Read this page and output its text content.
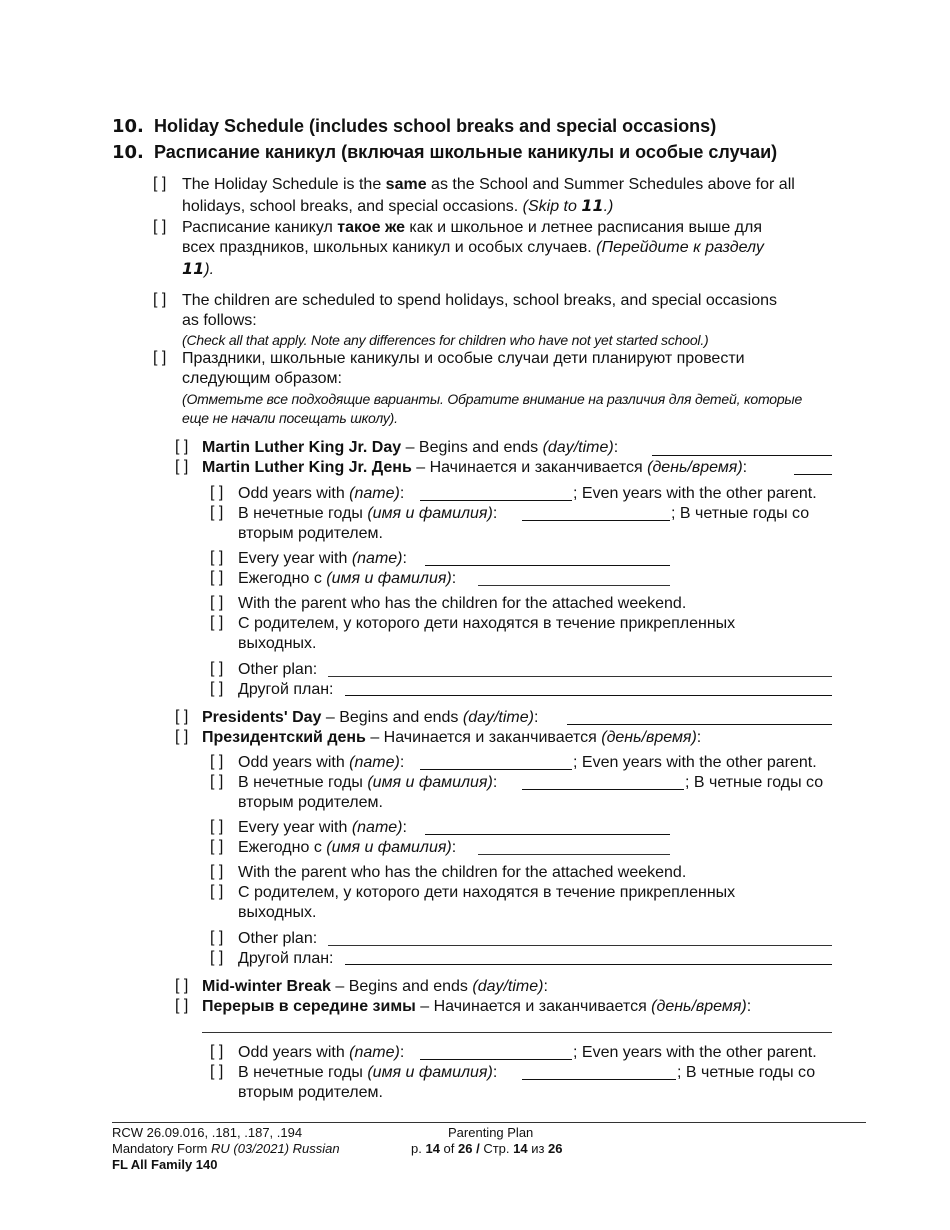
10. Holiday Schedule (includes school breaks and special occasions)
10. Расписание каникул (включая школьные каникулы и особые случаи)
[ ] The Holiday Schedule is the same as the School and Summer Schedules above for all
holidays, school breaks, and special occasions. (Skip to 11.)
[ ] Расписание каникул такое же как и школьное и летнее расписания выше для
всех праздников, школьных каникул и особых случаев. (Перейдите к разделу
11).
[ ] The children are scheduled to spend holidays, school breaks, and special occasions
as follows:
(Check all that apply. Note any differences for children who have not yet started school.)
[ ] Праздники, школьные каникулы и особые случаи дети планируют провести
следующим образом:
(Отметьте все подходящие варианты. Обратите внимание на различия для детей, которые
еще не начали посещать школу).
[ ] Martin Luther King Jr. Day – Begins and ends (day/time):
[ ] Martin Luther King Jr. День – Начинается и заканчивается (день/время):
[ ] Odd years with (name):	; Even years with the other parent.
[ ] В нечетные годы (имя и фамилия):	; В четные годы со
вторым родителем.
[ ] Every year with (name):
[ ] Ежегодно с (имя и фамилия):
[ ] With the parent who has the children for the attached weekend.
[ ] С родителем, у которого дети находятся в течение прикрепленных
выходных.
[ ] Other plan:
[ ] Другой план:
[ ] Presidents' Day – Begins and ends (day/time):
[ ] Президентский день – Начинается и заканчивается (день/время):
[ ] Odd years with (name):	; Even years with the other parent.
[ ] В нечетные годы (имя и фамилия):	; В четные годы со
вторым родителем.
[ ] Every year with (name):
[ ] Ежегодно с (имя и фамилия):
[ ] With the parent who has the children for the attached weekend.
[ ] С родителем, у которого дети находятся в течение прикрепленных
выходных.
[ ] Other plan:
[ ] Другой план:
[ ] Mid-winter Break – Begins and ends (day/time):
[ ] Перерыв в середине зимы – Начинается и заканчивается (день/время):
[ ] Odd years with (name):	; Even years with the other parent.
[ ] В нечетные годы (имя и фамилия):	; В четные годы со
вторым родителем.
RCW 26.09.016, .181, .187, .194
Mandatory Form RU (03/2021) Russian
FL All Family 140
Parenting Plan
p. 14 of 26 / Стр. 14 из 26
